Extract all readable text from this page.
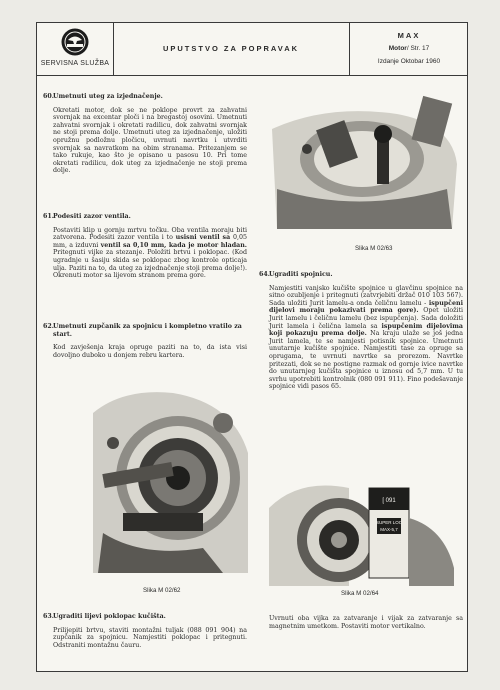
SERVISNA SLUŽBA
UPUTSTVO ZA POPRAVAK
MAX
Motor/ Str. 17
Izdanje Oktobar 1960
60.Umetnuti uteg za izjednačenje.
Okretati motor, dok se ne poklope provrt za zahvatni svornjak na excentar ploči i na bregastoj osovini. Umetnuti zahvatni svornjak i okretati radilicu, dok zahvatni svornjak ne stoji prema dolje. Umetnuti uteg za izjednačenje, uložiti opružnu podložnu pločicu, uvrnuti navrtku i utvrditi svornjak sa navratkom na obim stranama. Pritezanjem se tako rukuje, kao što je opisano u pasosu 10. Pri tome okretati radilicu, dok uteg za izjednačenje ne stoji prema dolje.
61.Podesiti zazor ventila.
Postaviti klip u gornju mrtvu točku. Oba ventila moraju biti zatvorena. Podesiti zazor ventila i to usisni ventil sa 0,05 mm, a izduvni ventil sa 0,10 mm, kada je motor hladan. Pritegnuti vijke za stezanje. Položiti brtvu i poklopac. (Kod ugradnje u šasiju skida se poklopac zbog kontrole opticaja ulja. Paziti na to, da uteg za izjednačenje stoji prema dolje!). Okrenuti motor sa lijevom stranom prema gore.
62. Umetnuti zupčanik za spojnicu i kompletno vratilo za start.
Kod zavješenja kraja opruge paziti na to, da ista visi dovoljno duboko u donjem rebru kartera.
Slika M 02/62
63.Ugraditi lijevi poklopac kučišta.
Prilijepiti brtvu, staviti montažni tuljak (088 091 904) na zupčanik za spojnicu. Namjestiti poklopac i pritegnuti. Odstraniti montažnu čauru.
Slika M 02/63
64.Ugraditi spojnicu.
Namjestiti vanjsko kučište spojnice u glavčinu spojnice na sitno ozubljenje i pritegnuti (zatvrjebiti držač 010 103 567). Sada uložiti Jurit lamelu-a onda čeličnu lamelu - ispupčeni dijelovi moraju pokazivati prema gore). Opet uložiti Jurit lamelu i čeličnu lamelu (bez ispupčenja). Sada doložiti Jurit lamela i čelična lamela sa ispupčenim dijelovima koji pokazuju prema dolje. Na kraju ulaže se još jedna Jurit lamela, te se namjesti potisnik spojnice. Umetnuti unutarnje kučište spojnice. Namjestiti tase za opruge sa oprugama, te uvrnuti navrtke sa prorezom. Navrtke pritezati, dok se ne postigne razmak od gornje ivice navrtke do unutarnjeg kučišta spojnice u iznosu od 5,7 mm. U tu svrhu upotrebiti kontrolnik (080 091 911). Fino podešavanje spojnice vidi pasos 65.
[ 091
SUPER LOC
MAX-5,7
Slika M 02/64
Uvrnuti oba vijka za zatvaranje i vijak za zatvaranje sa magnetnim umetkom. Postaviti motor vertikalno.
